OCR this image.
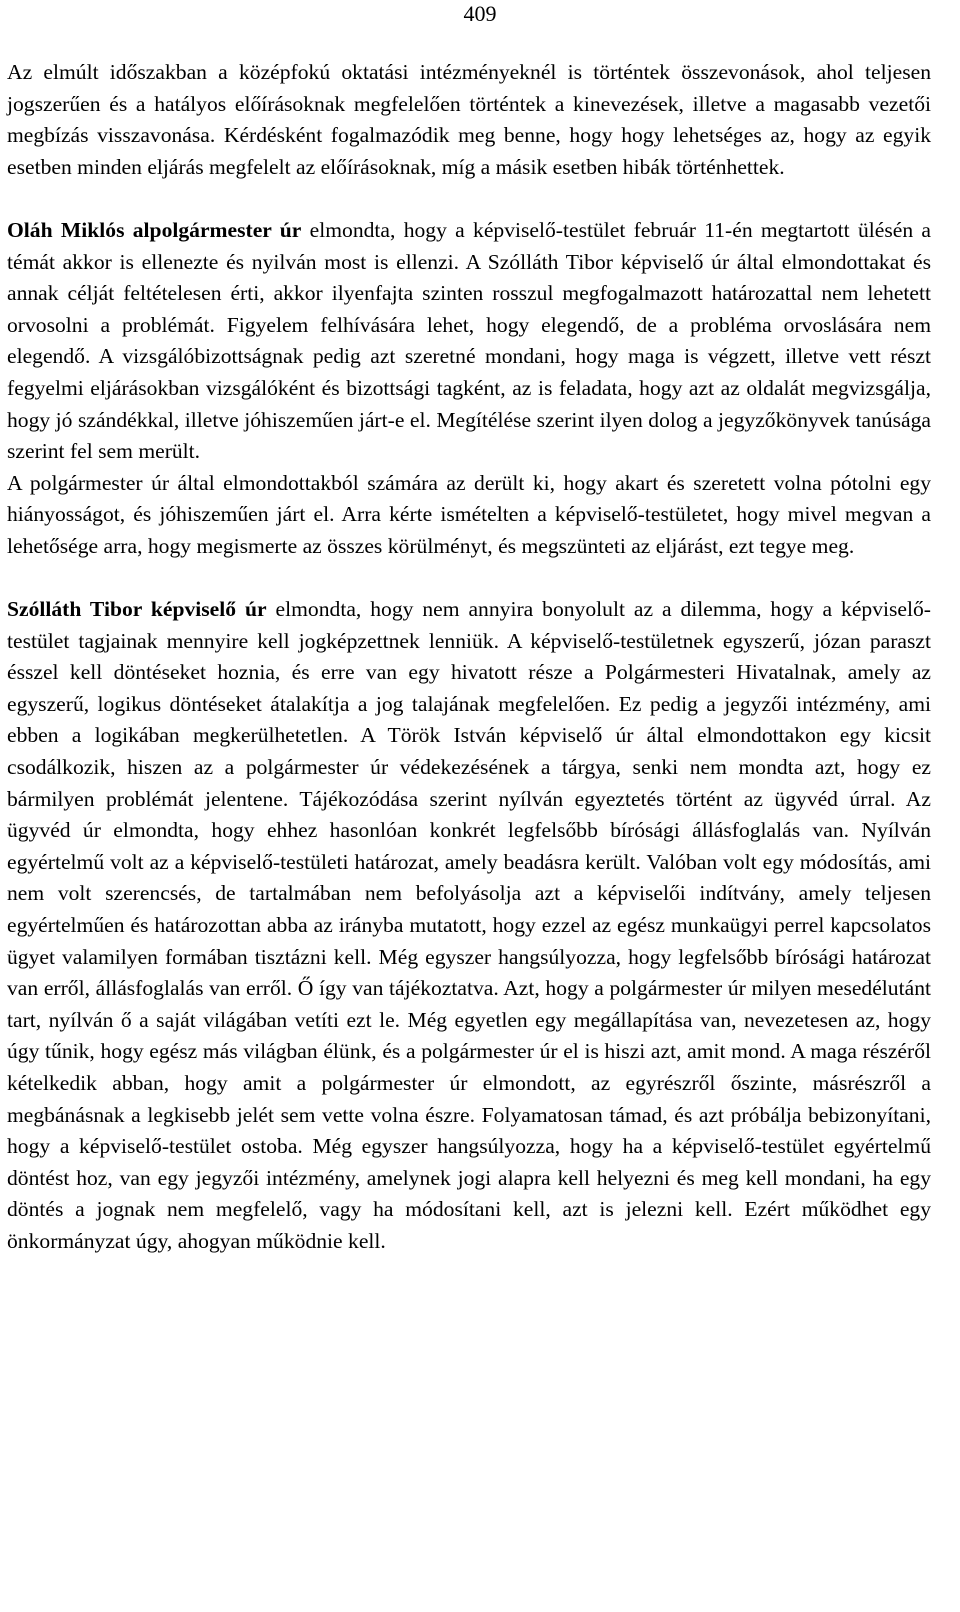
409

Az elmúlt időszakban a középfokú oktatási intézményeknél is történtek összevonások, ahol teljesen jogszerűen és a hatályos előírásoknak megfelelően történtek a kinevezések, illetve a magasabb vezetői megbízás visszavonása. Kérdésként fogalmazódik meg benne, hogy hogy lehetséges az, hogy az egyik esetben minden eljárás megfelelt az előírásoknak, míg a másik esetben hibák történhettek.

Oláh Miklós alpolgármester úr elmondta, hogy a képviselő-testület február 11-én megtartott ülésén a témát akkor is ellenezte és nyilván most is ellenzi. A Szólláth Tibor képviselő úr által elmondottakat és annak célját feltételesen érti, akkor ilyenfajta szinten rosszul megfogalmazott határozattal nem lehetett orvosolni a problémát. Figyelem felhívására lehet, hogy elegendő, de a probléma orvoslására nem elegendő. A vizsgálóbizottságnak pedig azt szeretné mondani, hogy maga is végzett, illetve vett részt fegyelmi eljárásokban vizsgálóként és bizottsági tagként, az is feladata, hogy azt az oldalát megvizsgálja, hogy jó szándékkal, illetve jóhiszeműen járt-e el. Megítélése szerint ilyen dolog a jegyzőkönyvek tanúsága szerint fel sem merült.

A polgármester úr által elmondottakból számára az derült ki, hogy akart és szeretett volna pótolni egy hiányosságot, és jóhiszeműen járt el. Arra kérte ismételten a képviselő-testületet, hogy mivel megvan a lehetősége arra, hogy megismerte az összes körülményt, és megszünteti az eljárást, ezt tegye meg.

Szólláth Tibor képviselő úr elmondta, hogy nem annyira bonyolult az a dilemma, hogy a képviselő-testület tagjainak mennyire kell jogképzettnek lenniük. A képviselő-testületnek egyszerű, józan paraszt ésszel kell döntéseket hoznia, és erre van egy hivatott része a Polgármesteri Hivatalnak, amely az egyszerű, logikus döntéseket átalakítja a jog talajának megfelelően. Ez pedig a jegyzői intézmény, ami ebben a logikában megkerülhetetlen. A Török István képviselő úr által elmondottakon egy kicsit csodálkozik, hiszen az a polgármester úr védekezésének a tárgya, senki nem mondta azt, hogy ez bármilyen problémát jelentene. Tájékozódása szerint nyílván egyeztetés történt az ügyvéd úrral. Az ügyvéd úr elmondta, hogy ehhez hasonlóan konkrét legfelsőbb bírósági állásfoglalás van. Nyílván egyértelmű volt az a képviselő-testületi határozat, amely beadásra került. Valóban volt egy módosítás, ami nem volt szerencsés, de tartalmában nem befolyásolja azt a képviselői indítvány, amely teljesen egyértelműen és határozottan abba az irányba mutatott, hogy ezzel az egész munkaügyi perrel kapcsolatos ügyet valamilyen formában tisztázni kell. Még egyszer hangsúlyozza, hogy legfelsőbb bírósági határozat van erről, állásfoglalás van erről. Ő így van tájékoztatva. Azt, hogy a polgármester úr milyen mesedélutánt tart, nyílván ő a saját világában vetíti ezt le. Még egyetlen egy megállapítása van, nevezetesen az, hogy úgy tűnik, hogy egész más világban élünk, és a polgármester úr el is hiszi azt, amit mond. A maga részéről kételkedik abban, hogy amit a polgármester úr elmondott, az egyrészről őszinte, másrészről a megbánásnak a legkisebb jelét sem vette volna észre. Folyamatosan támad, és azt próbálja bebizonyítani, hogy a képviselő-testület ostoba. Még egyszer hangsúlyozza, hogy ha a képviselő-testület egyértelmű döntést hoz, van egy jegyzői intézmény, amelynek jogi alapra kell helyezni és meg kell mondani, ha egy döntés a jognak nem megfelelő, vagy ha módosítani kell, azt is jelezni kell. Ezért működhet egy önkormányzat úgy, ahogyan működnie kell.
